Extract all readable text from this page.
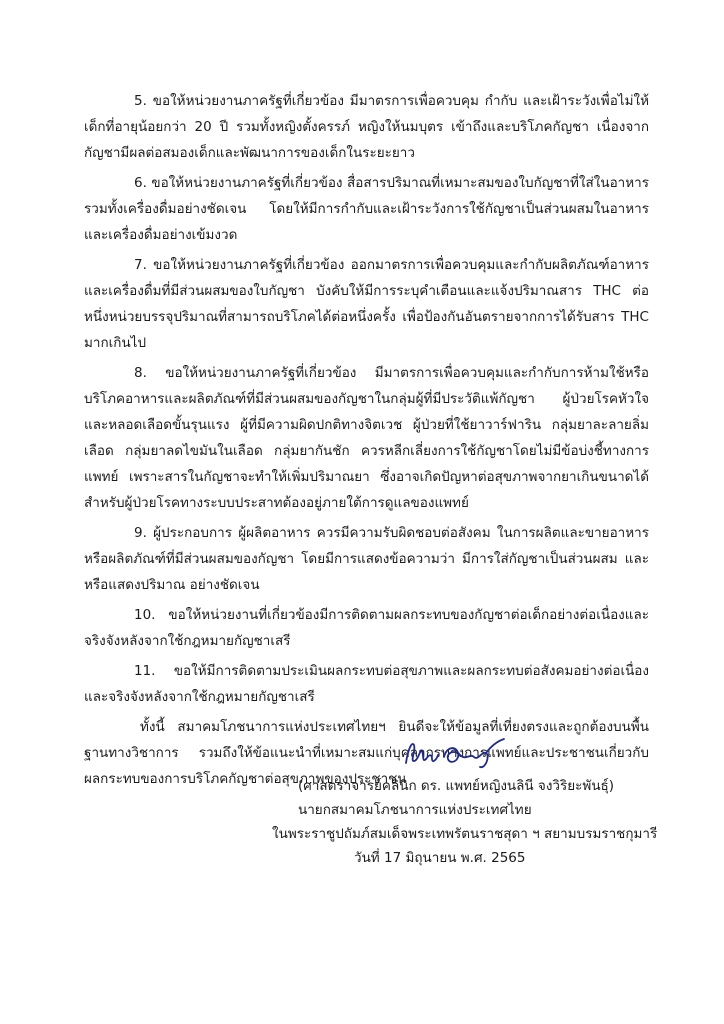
5. ขอให้หน่วยงานภาครัฐที่เกี่ยวข้อง มีมาตรการเพื่อควบคุม กำกับ และเฝ้าระวังเพื่อไม่ให้เด็กที่อายุน้อยกว่า 20 ปี รวมทั้งหญิงตั้งครรภ์ หญิงให้นมบุตร เข้าถึงและบริโภคกัญชา เนื่องจากกัญชามีผลต่อสมองเด็กและพัฒนาการของเด็กในระยะยาว

6. ขอให้หน่วยงานภาครัฐที่เกี่ยวข้อง สื่อสารปริมาณที่เหมาะสมของใบกัญชาที่ใส่ในอาหาร รวมทั้งเครื่องดื่มอย่างชัดเจน โดยให้มีการกำกับและเฝ้าระวังการใช้กัญชาเป็นส่วนผสมในอาหารและเครื่องดื่มอย่างเข้มงวด

7. ขอให้หน่วยงานภาครัฐที่เกี่ยวข้อง ออกมาตรการเพื่อควบคุมและกำกับผลิตภัณฑ์อาหารและเครื่องดื่มที่มีส่วนผสมของใบกัญชา บังคับให้มีการระบุคำเตือนและแจ้งปริมาณสาร THC ต่อหนึ่งหน่วยบรรจุปริมาณที่สามารถบริโภคได้ต่อหนึ่งครั้ง เพื่อป้องกันอันตรายจากการได้รับสาร THC มากเกินไป

8. ขอให้หน่วยงานภาครัฐที่เกี่ยวข้อง มีมาตรการเพื่อควบคุมและกำกับการห้ามใช้หรือบริโภคอาหารและผลิตภัณฑ์ที่มีส่วนผสมของกัญชาในกลุ่มผู้ที่มีประวัติแพ้กัญชา ผู้ป่วยโรคหัวใจและหลอดเลือดขั้นรุนแรง ผู้ที่มีความผิดปกติทางจิตเวช ผู้ป่วยที่ใช้ยาวาร์ฟาริน กลุ่มยาละลายลิ่มเลือด กลุ่มยาลดไขมันในเลือด กลุ่มยากันชัก ควรหลีกเลี่ยงการใช้กัญชาโดยไม่มีข้อบ่งชี้ทางการแพทย์ เพราะสารในกัญชาจะทำให้เพิ่มปริมาณยา ซึ่งอาจเกิดปัญหาต่อสุขภาพจากยาเกินขนาดได้ สำหรับผู้ป่วยโรคทางระบบประสาทต้องอยู่ภายใต้การดูแลของแพทย์

9. ผู้ประกอบการ ผู้ผลิตอาหาร ควรมีความรับผิดชอบต่อสังคม ในการผลิตและขายอาหารหรือผลิตภัณฑ์ที่มีส่วนผสมของกัญชา โดยมีการแสดงข้อความว่า มีการใส่กัญชาเป็นส่วนผสม และหรือแสดงปริมาณ อย่างชัดเจน

10. ขอให้หน่วยงานที่เกี่ยวข้องมีการติดตามผลกระทบของกัญชาต่อเด็กอย่างต่อเนื่องและจริงจังหลังจากใช้กฎหมายกัญชาเสรี

11. ขอให้มีการติดตามประเมินผลกระทบต่อสุขภาพและผลกระทบต่อสังคมอย่างต่อเนื่องและจริงจังหลังจากใช้กฎหมายกัญชาเสรี

ทั้งนี้ สมาคมโภชนาการแห่งประเทศไทยฯ ยินดีจะให้ข้อมูลที่เที่ยงตรงและถูกต้องบนพื้นฐานทางวิชาการ รวมถึงให้ข้อแนะนำที่เหมาะสมแก่บุคลากรทางการแพทย์และประชาชนเกี่ยวกับผลกระทบของการบริโภคกัญชาต่อสุขภาพของประชาชน

(ศาสตราจารย์คลินิก ดร. แพทย์หญิงนลินี จงวิริยะพันธุ์)
นายกสมาคมโภชนาการแห่งประเทศไทย
ในพระราชูปถัมภ์สมเด็จพระเทพรัตนราชสุดา ฯ สยามบรมราชกุมารี
วันที่ 17 มิถุนายน พ.ศ. 2565
